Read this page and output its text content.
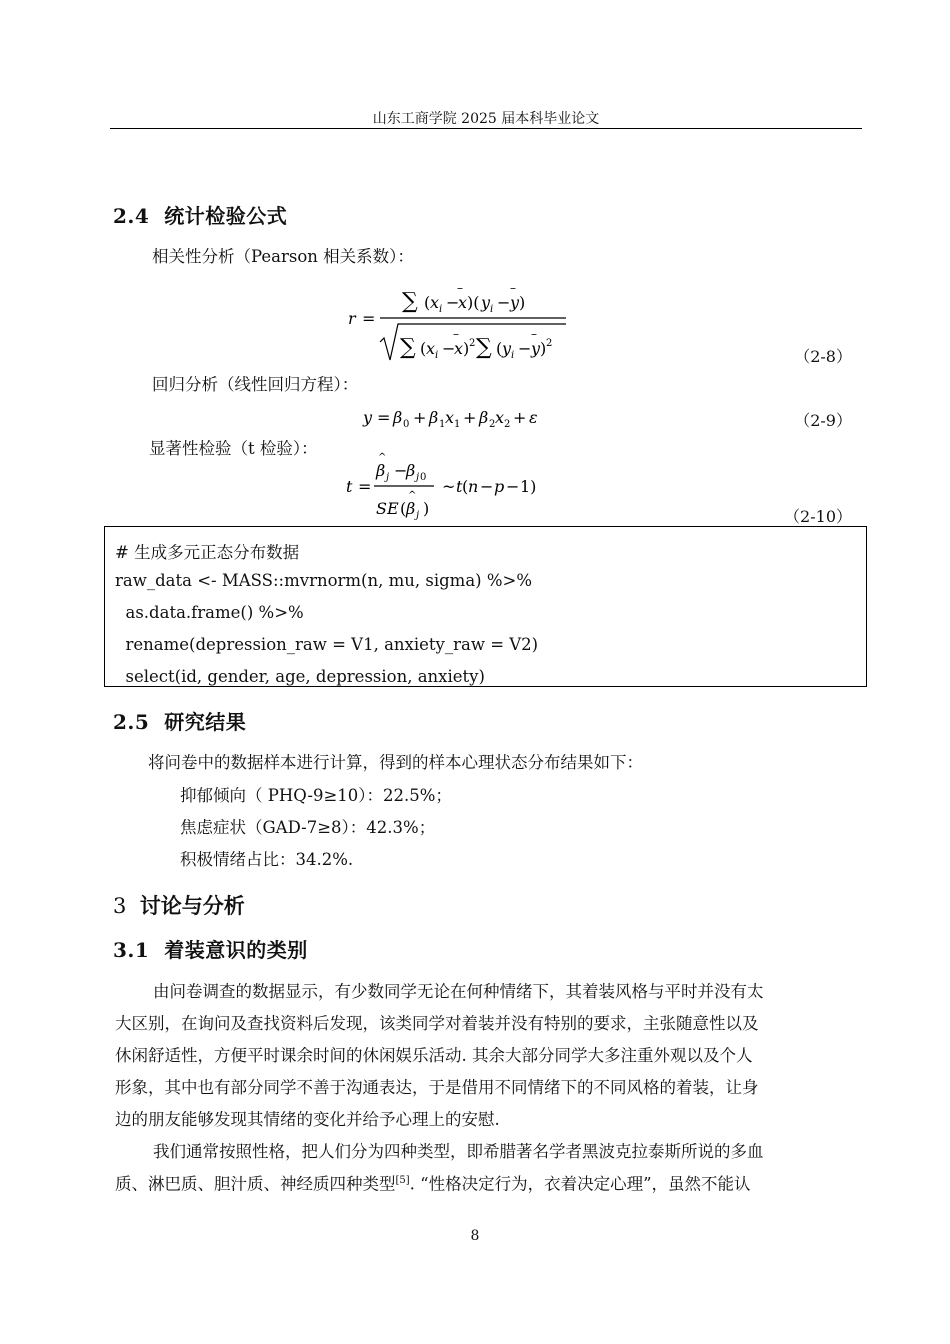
山东工商学院 2025 届本科毕业论文
2.4 统计检验公式
相关性分析（Pearson 相关系数）：
r =
∑ ( x i −
x
–
)( y i − y
–
)
∑ ( x i −
x
–
) 2 ∑ ( y i − y
–
) 2
（2-8）
回归分析（线性回归方程）：
y = β 0 + β 1 x 1 + β 2 x 2 + ε	（2-9）
显著性检验（t 检验）：
t =
^
β j −
β j 0
SE (
^
β j )
~ t ( n − p − 1)
（2-10）
# 生成多元正态分布数据
raw_data <- MASS::mvrnorm(n, mu, sigma) %>%
as.data.frame() %>%
rename(depression_raw = V1, anxiety_raw = V2)
select(id, gender, age, depression, anxiety)
2.5 研究结果
将问卷中的数据样本进行计算，得到的样本心理状态分布结果如下：
抑郁倾向（ PHQ-9≥10）：22.5%；
焦虑症状（GAD-7≥8）：42.3%；
积极情绪占比：34.2%.
3 讨论与分析
3.1 着装意识的类别
由问卷调查的数据显示，有少数同学无论在何种情绪下，其着装风格与平时并没有太
大区别，在询问及查找资料后发现，该类同学对着装并没有特别的要求，主张随意性以及
休闲舒适性，方便平时课余时间的休闲娱乐活动. 其余大部分同学大多注重外观以及个人
形象，其中也有部分同学不善于沟通表达，于是借用不同情绪下的不同风格的着装，让身
边的朋友能够发现其情绪的变化并给予心理上的安慰.
我们通常按照性格，把人们分为四种类型，即希腊著名学者黑波克拉泰斯所说的多血
质、淋巴质、胆汁质、神经质四种类型[5]. “性格决定行为，衣着决定心理”，虽然不能认
8
